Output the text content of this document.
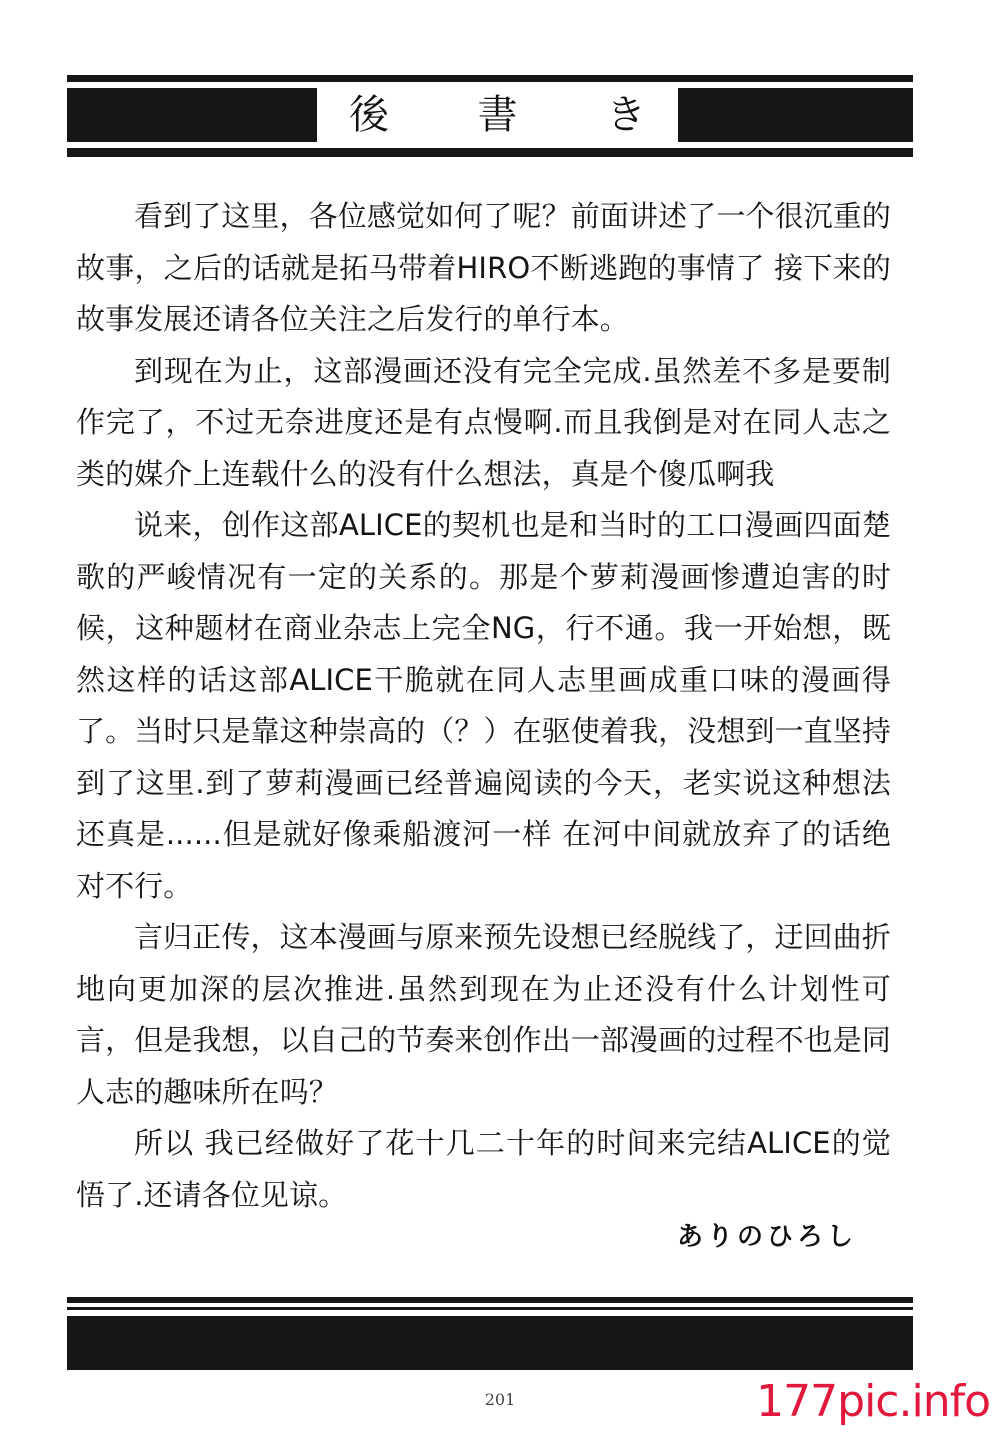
後 書 き

看到了这里，各位感觉如何了呢？前面讲述了一个很沉重的故事，之后的话就是拓马带着HIRO不断逃跑的事情了 接下来的故事发展还请各位关注之后发行的单行本。

到现在为止，这部漫画还没有完全完成.虽然差不多是要制作完了，不过无奈进度还是有点慢啊.而且我倒是对在同人志之类的媒介上连载什么的没有什么想法，真是个傻瓜啊我

说来，创作这部ALICE的契机也是和当时的工口漫画四面楚歌的严峻情况有一定的关系的。那是个萝莉漫画惨遭迫害的时候，这种题材在商业杂志上完全NG，行不通。我一开始想，既然这样的话这部ALICE干脆就在同人志里画成重口味的漫画得了。当时只是靠这种崇高的（？）在驱使着我，没想到一直坚持到了这里.到了萝莉漫画已经普遍阅读的今天，老实说这种想法还真是......但是就好像乘船渡河一样 在河中间就放弃了的话绝对不行。

言归正传，这本漫画与原来预先设想已经脱线了，迂回曲折地向更加深的层次推进.虽然到现在为止还没有什么计划性可言，但是我想，以自己的节奏来创作出一部漫画的过程不也是同人志的趣味所在吗？

所以 我已经做好了花十几二十年的时间来完结ALICE的觉悟了.还请各位见谅。

ありのひろし
201	177pic.info
